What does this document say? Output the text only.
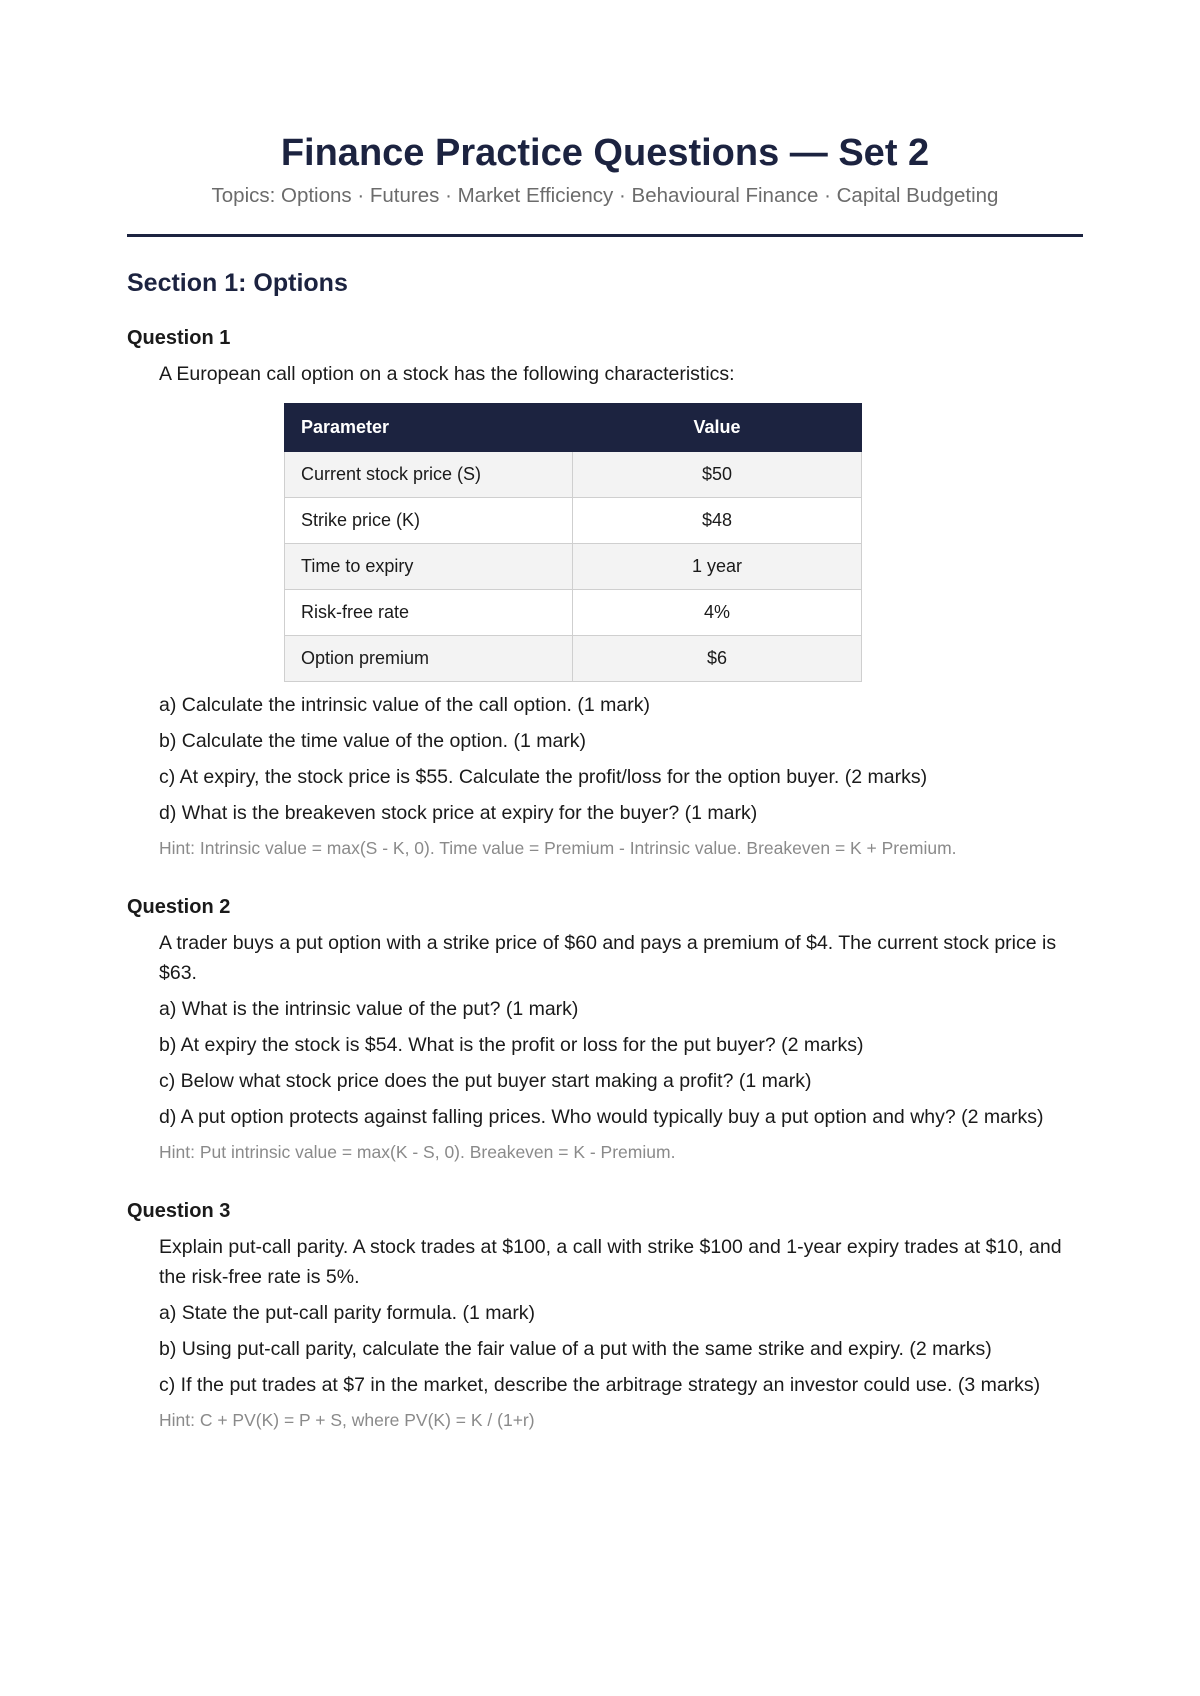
Finance Practice Questions — Set 2
Topics: Options · Futures · Market Efficiency · Behavioural Finance · Capital Budgeting
Section 1: Options
Question 1
A European call option on a stock has the following characteristics:
Parameter	Value
Current stock price (S)	$50
Strike price (K)	$48
Time to expiry	1 year
Risk-free rate	4%
Option premium	$6
a) Calculate the intrinsic value of the call option. (1 mark)
b) Calculate the time value of the option. (1 mark)
c) At expiry, the stock price is $55. Calculate the profit/loss for the option buyer. (2 marks)
d) What is the breakeven stock price at expiry for the buyer? (1 mark)
Hint: Intrinsic value = max(S - K, 0). Time value = Premium - Intrinsic value. Breakeven = K + Premium.
Question 2
A trader buys a put option with a strike price of $60 and pays a premium of $4. The current stock price is $63.
a) What is the intrinsic value of the put? (1 mark)
b) At expiry the stock is $54. What is the profit or loss for the put buyer? (2 marks)
c) Below what stock price does the put buyer start making a profit? (1 mark)
d) A put option protects against falling prices. Who would typically buy a put option and why? (2 marks)
Hint: Put intrinsic value = max(K - S, 0). Breakeven = K - Premium.
Question 3
Explain put-call parity. A stock trades at $100, a call with strike $100 and 1-year expiry trades at $10, and the risk-free rate is 5%.
a) State the put-call parity formula. (1 mark)
b) Using put-call parity, calculate the fair value of a put with the same strike and expiry. (2 marks)
c) If the put trades at $7 in the market, describe the arbitrage strategy an investor could use. (3 marks)
Hint: C + PV(K) = P + S, where PV(K) = K / (1+r)
